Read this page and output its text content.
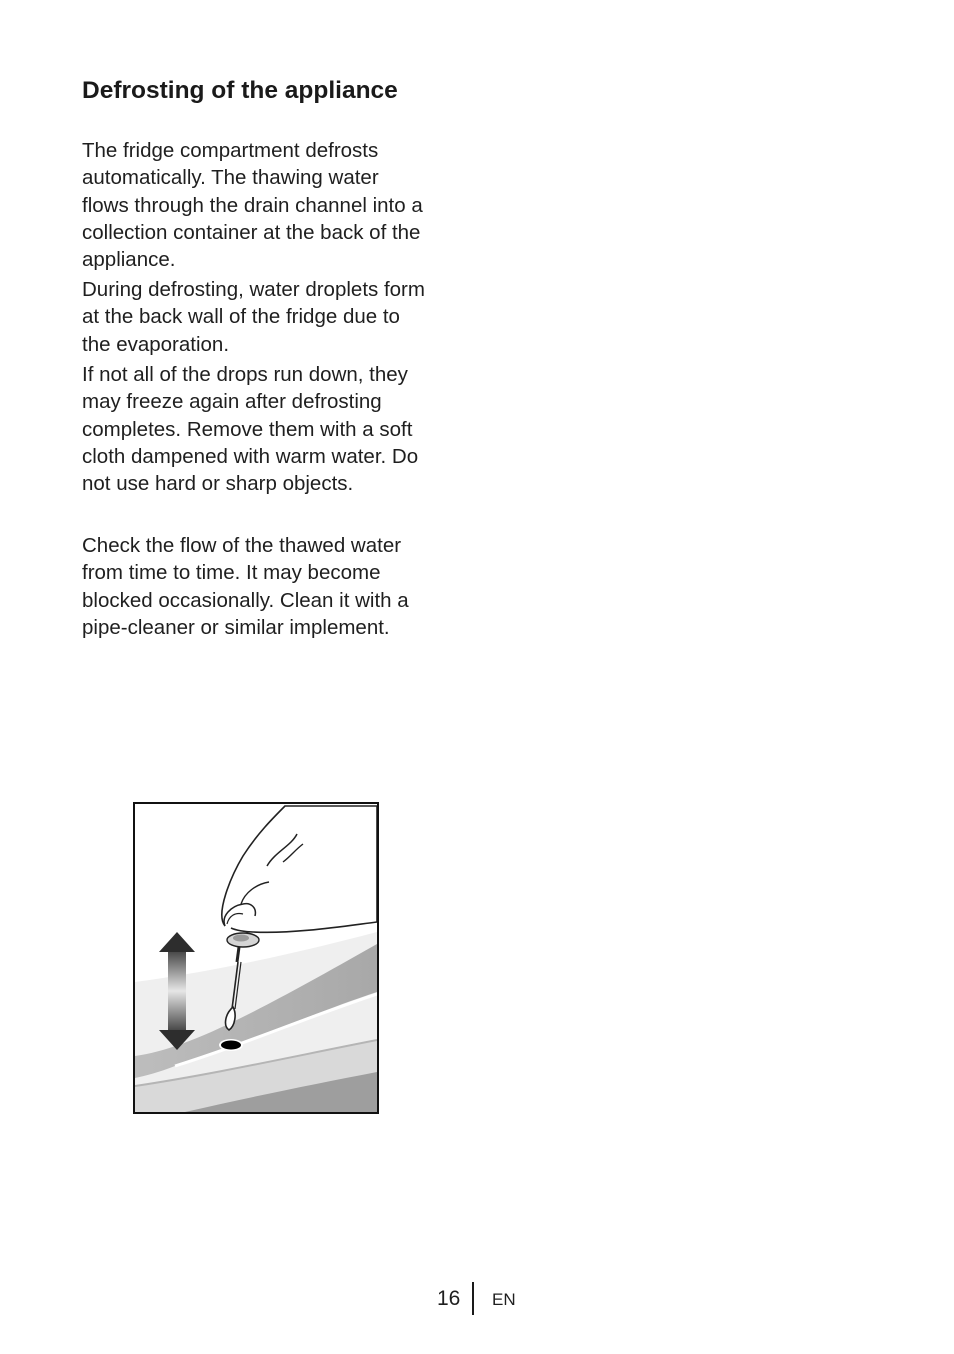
Defrosting of the appliance

The fridge compartment defrosts
automatically. The thawing water
flows through the drain channel into a
collection container at the back of the
appliance.

During defrosting, water droplets form
at the back wall of the fridge due to
the evaporation.

If not all of the drops run down, they
may freeze again after defrosting
completes. Remove them with a soft
cloth dampened with warm water. Do
not use hard or sharp objects.

Check the flow of the thawed water
from time to time. It may become
blocked occasionally. Clean it with a
pipe-cleaner or similar implement.

16 EN
